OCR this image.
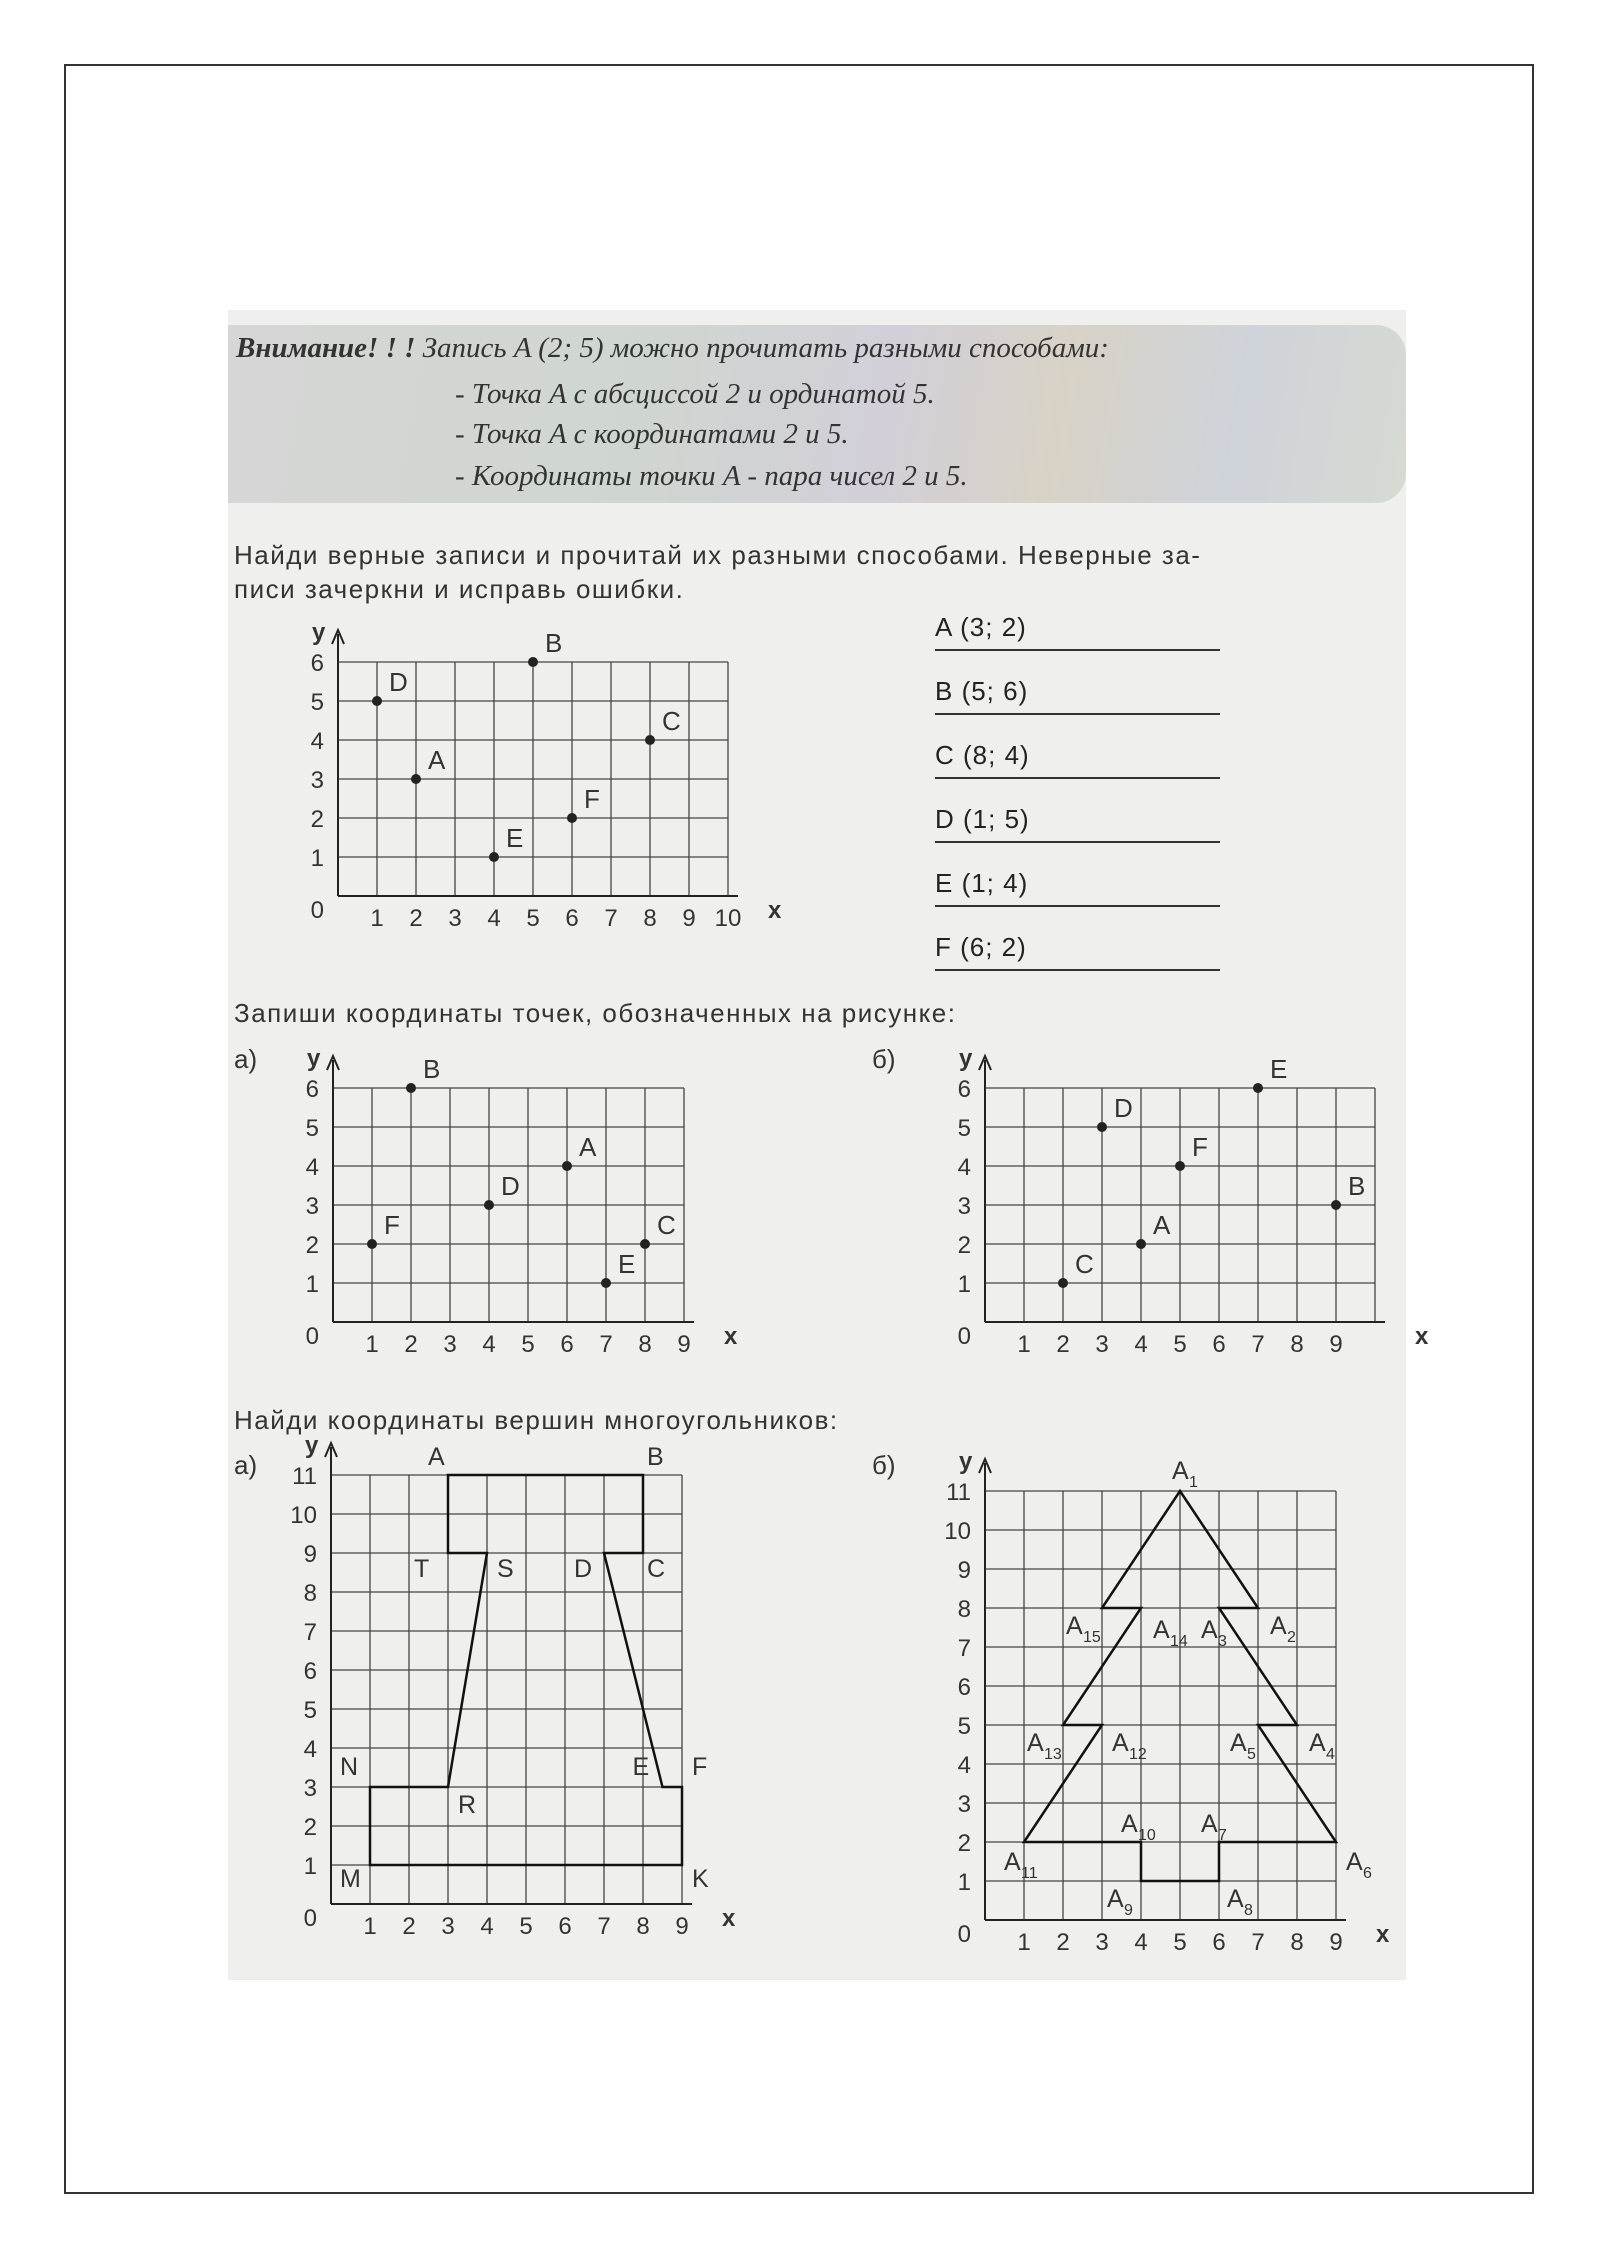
Внимание! ! ! Запись A (2; 5) можно прочитать разными способами:
- Точка A с абсциссой 2 и ординатой 5.
- Точка A с координатами 2 и 5.
- Координаты точки A - пара чисел 2 и 5.
Найди верные записи и прочитай их разными способами. Неверные за-
писи зачеркни и исправь ошибки.
1 2 3 4 5 6 7 8 9 10
1
2
3
4
5
6
0	x
y
D
B
A
C
F
E
1 2 3 4 5 6 7 8 9
1
2
3
4
5
6
0	x
y	B
A
D
F	C
E
1 2 3 4 5 6 7 8 9
1
2
3
4
5
6
0	x
y
D
E
F
B
A
C
1 2 3 4 5 6 7 8 9
1
2
3
4
5
6
7
8
9
10
11
0	x
y	A	B
C
D
E F
K
M
N
R
S
T
1 2 3 4 5 6 7 8 9
1
2
3
4
5
6
7
8
9
10
11
0	x
y	A 1
A 2
A 3
A 4
A 5
A 6
A 7
A 8
A 9
A 10
A 11
A 12
A 13
A 14
A 15
A (3; 2)
B (5; 6)
C (8; 4)
D (1; 5)
E (1; 4)
F (6; 2)
Запиши координаты точек, обозначенных на рисунке:
а)	б)
Найди координаты вершин многоугольников:
а)	б)
